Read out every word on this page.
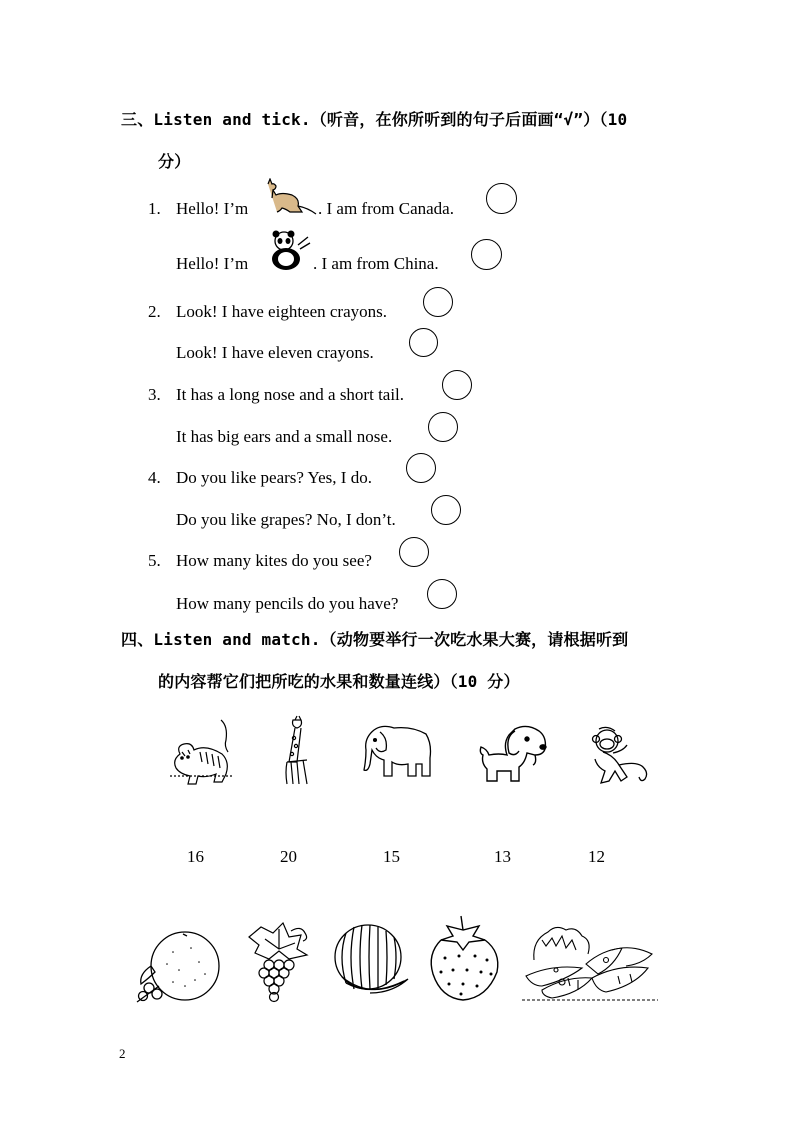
三、Listen and tick.（听音，在你所听到的句子后面画“√”）（10
分）
1. Hello! I’m	. I am from Canada.
Hello! I’m	. I am from China.
2. Look! I have eighteen crayons.
Look! I have eleven crayons.
3. It has a long nose and a short tail.
It has big ears and a small nose.
4. Do you like pears? Yes, I do.
Do you like grapes? No, I don’t.
5. How many kites do you see?
How many pencils do you have?
四、Listen and match.（动物要举行一次吃水果大赛，请根据听到
的内容帮它们把所吃的水果和数量连线）（10 分）
16	20	15	13	12
2
